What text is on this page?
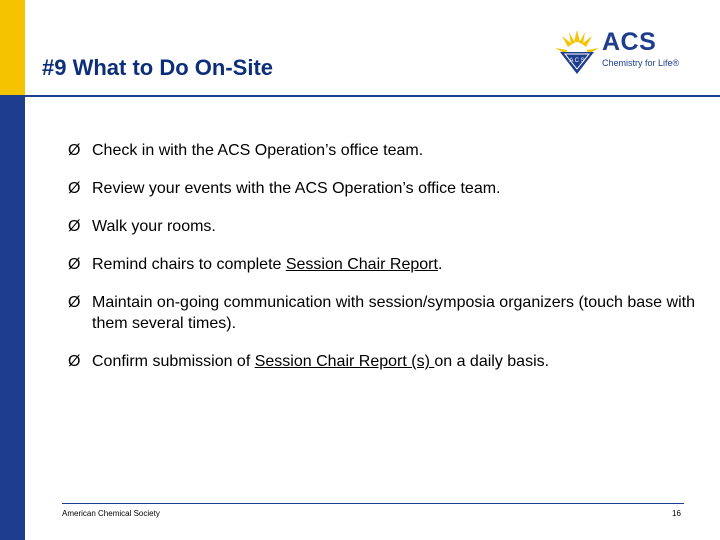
#9 What to Do On-Site	A C S
ACS
Chemistry for Life®
Ø Check in with the ACS Operation’s office team.
Ø Review your events with the ACS Operation’s office team.
Ø Walk your rooms.
Ø Remind chairs to complete Session Chair Report.
Ø Maintain on-going communication with session/symposia organizers (touch base with them several times).
Ø Confirm submission of Session Chair Report (s) on a daily basis.
American Chemical Society	16
